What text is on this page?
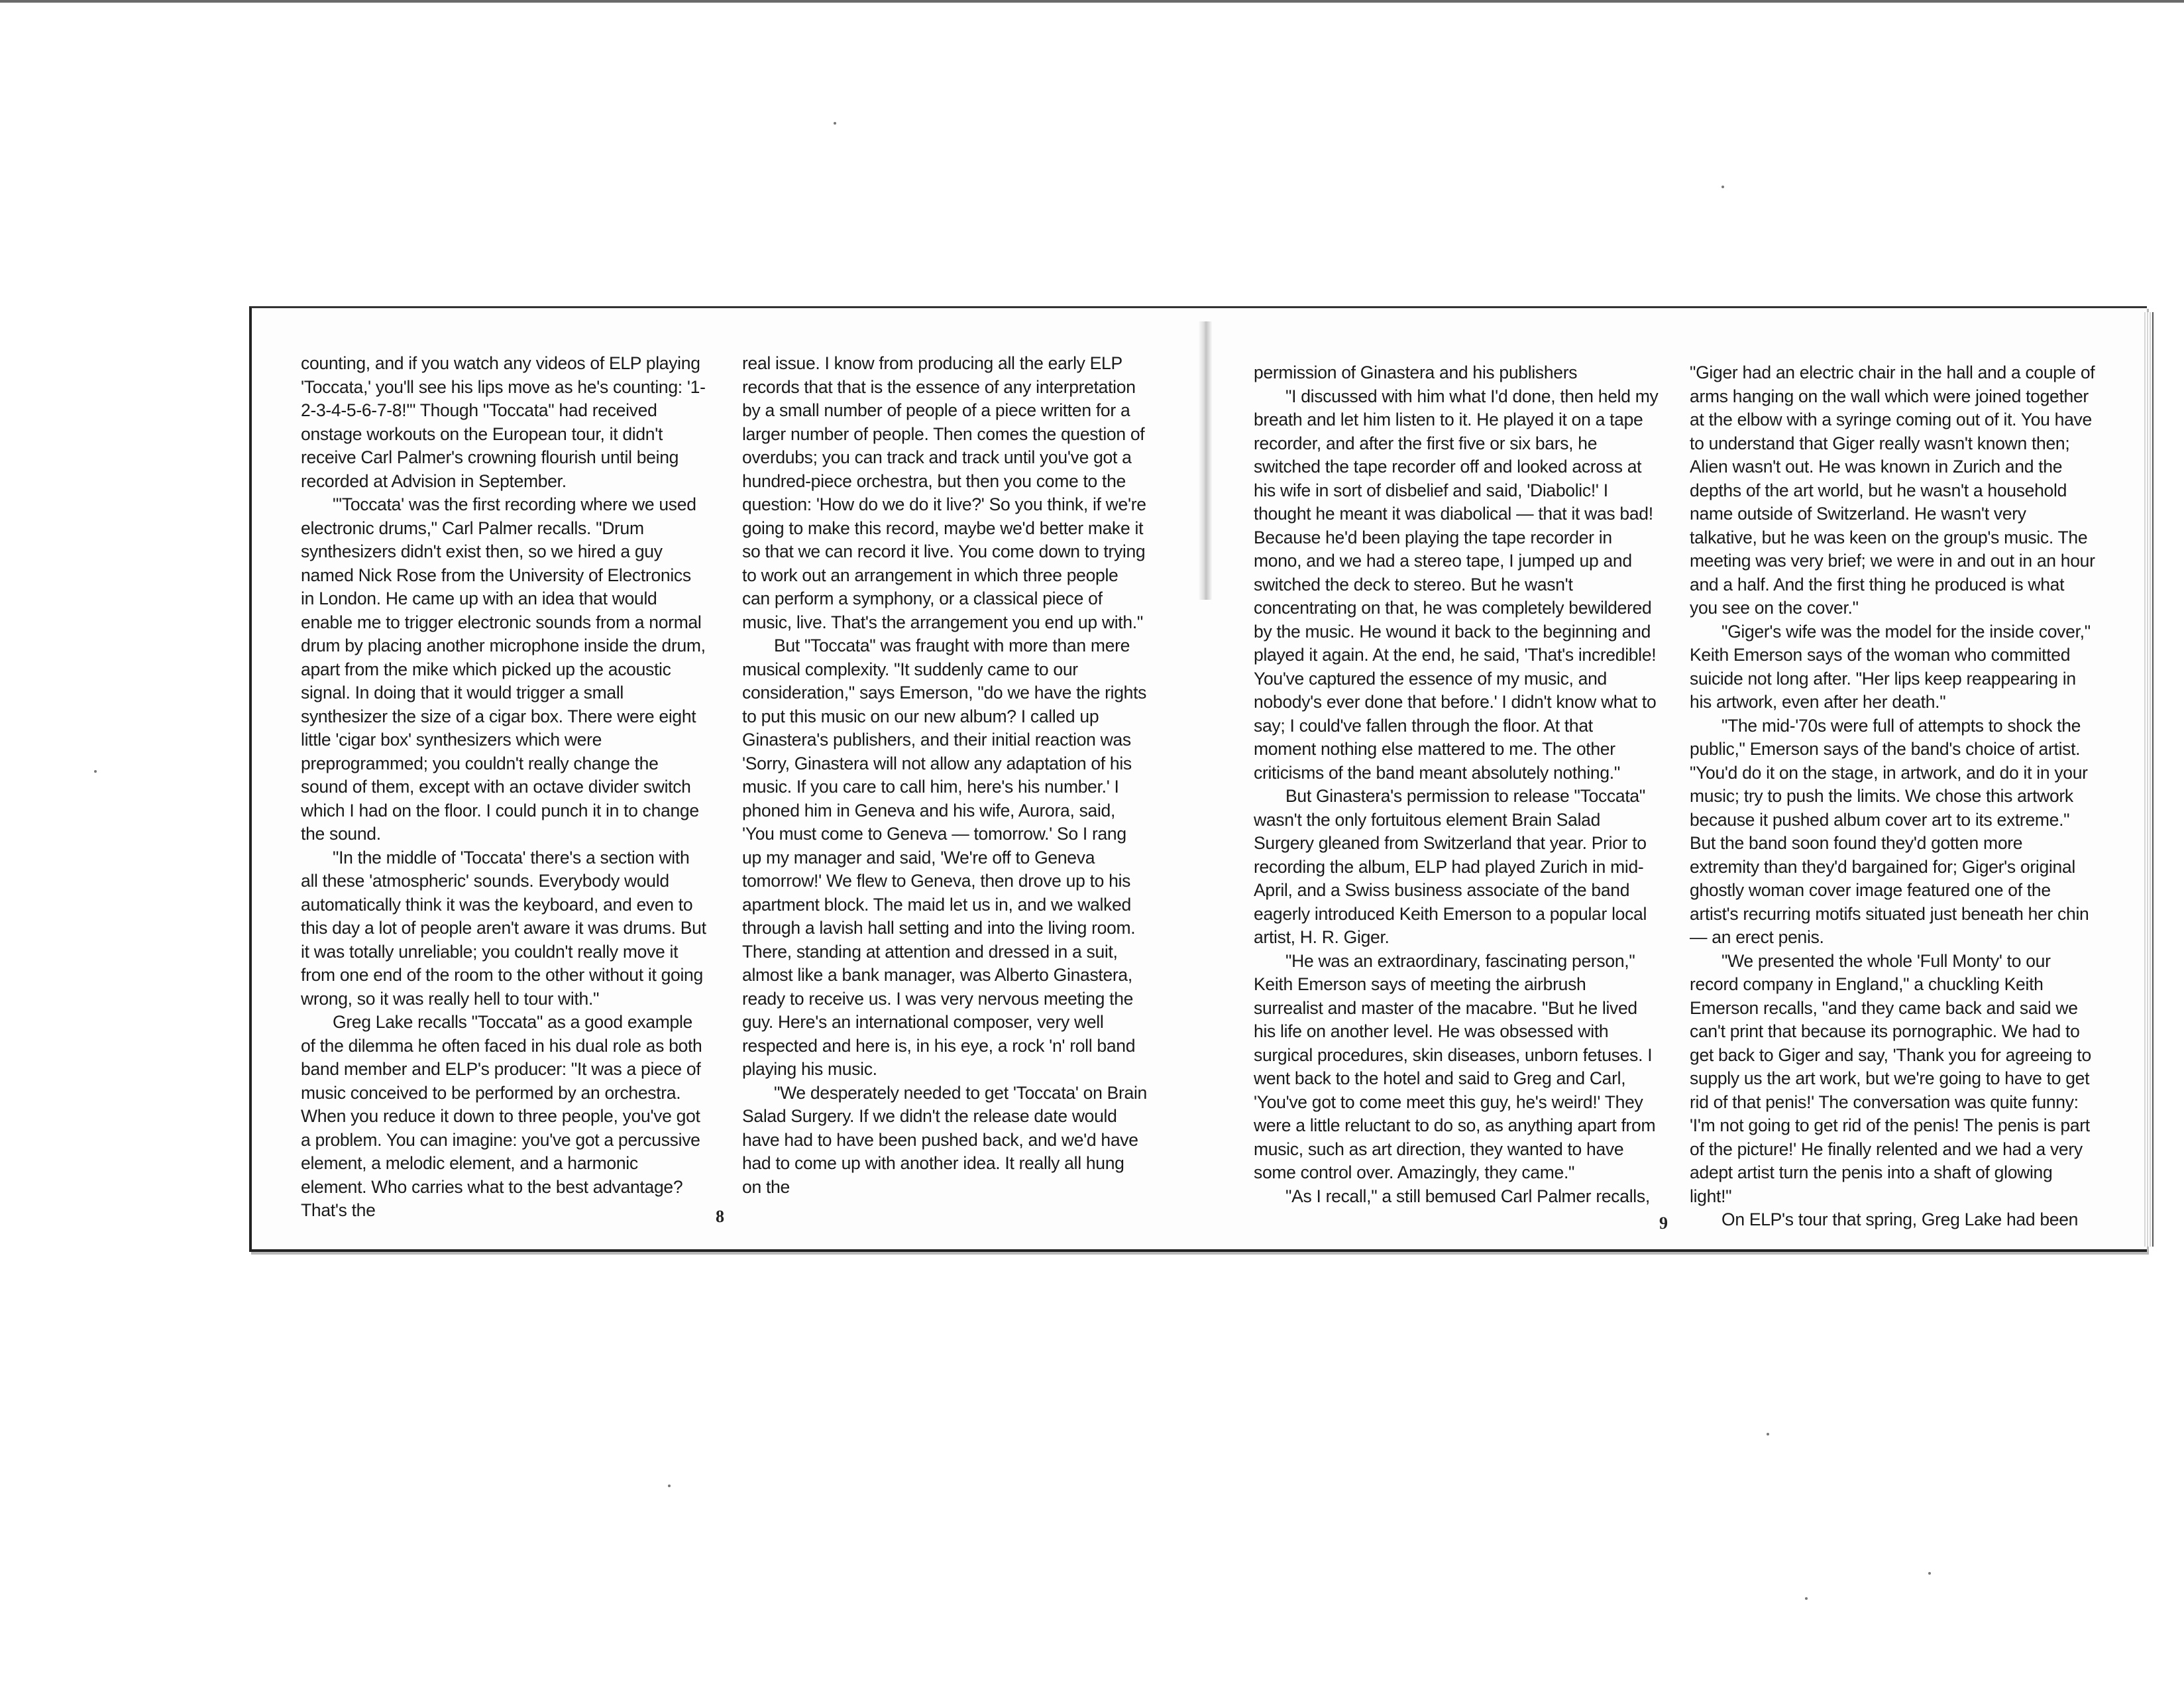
counting, and if you watch any videos of ELP playing 'Toccata,' you'll see his lips move as he's counting: '1-2-3-4-5-6-7-8!'" Though "Toccata" had received onstage workouts on the European tour, it didn't receive Carl Palmer's crowning flourish until being recorded at Advision in September.

"'Toccata' was the first recording where we used electronic drums," Carl Palmer recalls. "Drum synthesizers didn't exist then, so we hired a guy named Nick Rose from the University of Electronics in London. He came up with an idea that would enable me to trigger electronic sounds from a normal drum by placing another microphone inside the drum, apart from the mike which picked up the acoustic signal. In doing that it would trigger a small synthesizer the size of a cigar box. There were eight little 'cigar box' synthesizers which were preprogrammed; you couldn't really change the sound of them, except with an octave divider switch which I had on the floor. I could punch it in to change the sound.

"In the middle of 'Toccata' there's a section with all these 'atmospheric' sounds. Everybody would automatically think it was the keyboard, and even to this day a lot of people aren't aware it was drums. But it was totally unreliable; you couldn't really move it from one end of the room to the other without it going wrong, so it was really hell to tour with."

Greg Lake recalls "Toccata" as a good example of the dilemma he often faced in his dual role as both band member and ELP's producer: "It was a piece of music conceived to be performed by an orchestra. When you reduce it down to three people, you've got a problem. You can imagine: you've got a percussive element, a melodic element, and a harmonic element. Who carries what to the best advantage? That's the

real issue. I know from producing all the early ELP records that that is the essence of any interpretation by a small number of people of a piece written for a larger number of people. Then comes the question of overdubs; you can track and track until you've got a hundred-piece orchestra, but then you come to the question: 'How do we do it live?' So you think, if we're going to make this record, maybe we'd better make it so that we can record it live. You come down to trying to work out an arrangement in which three people can perform a symphony, or a classical piece of music, live. That's the arrangement you end up with."

But "Toccata" was fraught with more than mere musical complexity. "It suddenly came to our consideration," says Emerson, "do we have the rights to put this music on our new album? I called up Ginastera's publishers, and their initial reaction was 'Sorry, Ginastera will not allow any adaptation of his music. If you care to call him, here's his number.' I phoned him in Geneva and his wife, Aurora, said, 'You must come to Geneva — tomorrow.' So I rang up my manager and said, 'We're off to Geneva tomorrow!' We flew to Geneva, then drove up to his apartment block. The maid let us in, and we walked through a lavish hall setting and into the living room. There, standing at attention and dressed in a suit, almost like a bank manager, was Alberto Ginastera, ready to receive us. I was very nervous meeting the guy. Here's an international composer, very well respected and here is, in his eye, a rock 'n' roll band playing his music.

"We desperately needed to get 'Toccata' on Brain Salad Surgery. If we didn't the release date would have had to have been pushed back, and we'd have had to come up with another idea. It really all hung on the

8

permission of Ginastera and his publishers

"I discussed with him what I'd done, then held my breath and let him listen to it. He played it on a tape recorder, and after the first five or six bars, he switched the tape recorder off and looked across at his wife in sort of disbelief and said, 'Diabolic!' I thought he meant it was diabolical — that it was bad! Because he'd been playing the tape recorder in mono, and we had a stereo tape, I jumped up and switched the deck to stereo. But he wasn't concentrating on that, he was completely bewildered by the music. He wound it back to the beginning and played it again. At the end, he said, 'That's incredible! You've captured the essence of my music, and nobody's ever done that before.' I didn't know what to say; I could've fallen through the floor. At that moment nothing else mattered to me. The other criticisms of the band meant absolutely nothing."

But Ginastera's permission to release "Toccata" wasn't the only fortuitous element Brain Salad Surgery gleaned from Switzerland that year. Prior to recording the album, ELP had played Zurich in mid-April, and a Swiss business associate of the band eagerly introduced Keith Emerson to a popular local artist, H. R. Giger.

"He was an extraordinary, fascinating person," Keith Emerson says of meeting the airbrush surrealist and master of the macabre. "But he lived his life on another level. He was obsessed with surgical procedures, skin diseases, unborn fetuses. I went back to the hotel and said to Greg and Carl, 'You've got to come meet this guy, he's weird!' They were a little reluctant to do so, as anything apart from music, such as art direction, they wanted to have some control over. Amazingly, they came."

"As I recall," a still bemused Carl Palmer recalls,

"Giger had an electric chair in the hall and a couple of arms hanging on the wall which were joined together at the elbow with a syringe coming out of it. You have to understand that Giger really wasn't known then; Alien wasn't out. He was known in Zurich and the depths of the art world, but he wasn't a household name outside of Switzerland. He wasn't very talkative, but he was keen on the group's music. The meeting was very brief; we were in and out in an hour and a half. And the first thing he produced is what you see on the cover."

"Giger's wife was the model for the inside cover," Keith Emerson says of the woman who committed suicide not long after. "Her lips keep reappearing in his artwork, even after her death."

"The mid-'70s were full of attempts to shock the public," Emerson says of the band's choice of artist. "You'd do it on the stage, in artwork, and do it in your music; try to push the limits. We chose this artwork because it pushed album cover art to its extreme." But the band soon found they'd gotten more extremity than they'd bargained for; Giger's original ghostly woman cover image featured one of the artist's recurring motifs situated just beneath her chin — an erect penis.

"We presented the whole 'Full Monty' to our record company in England," a chuckling Keith Emerson recalls, "and they came back and said we can't print that because its pornographic. We had to get back to Giger and say, 'Thank you for agreeing to supply us the art work, but we're going to have to get rid of that penis!' The conversation was quite funny: 'I'm not going to get rid of the penis! The penis is part of the picture!' He finally relented and we had a very adept artist turn the penis into a shaft of glowing light!"

On ELP's tour that spring, Greg Lake had been

9
